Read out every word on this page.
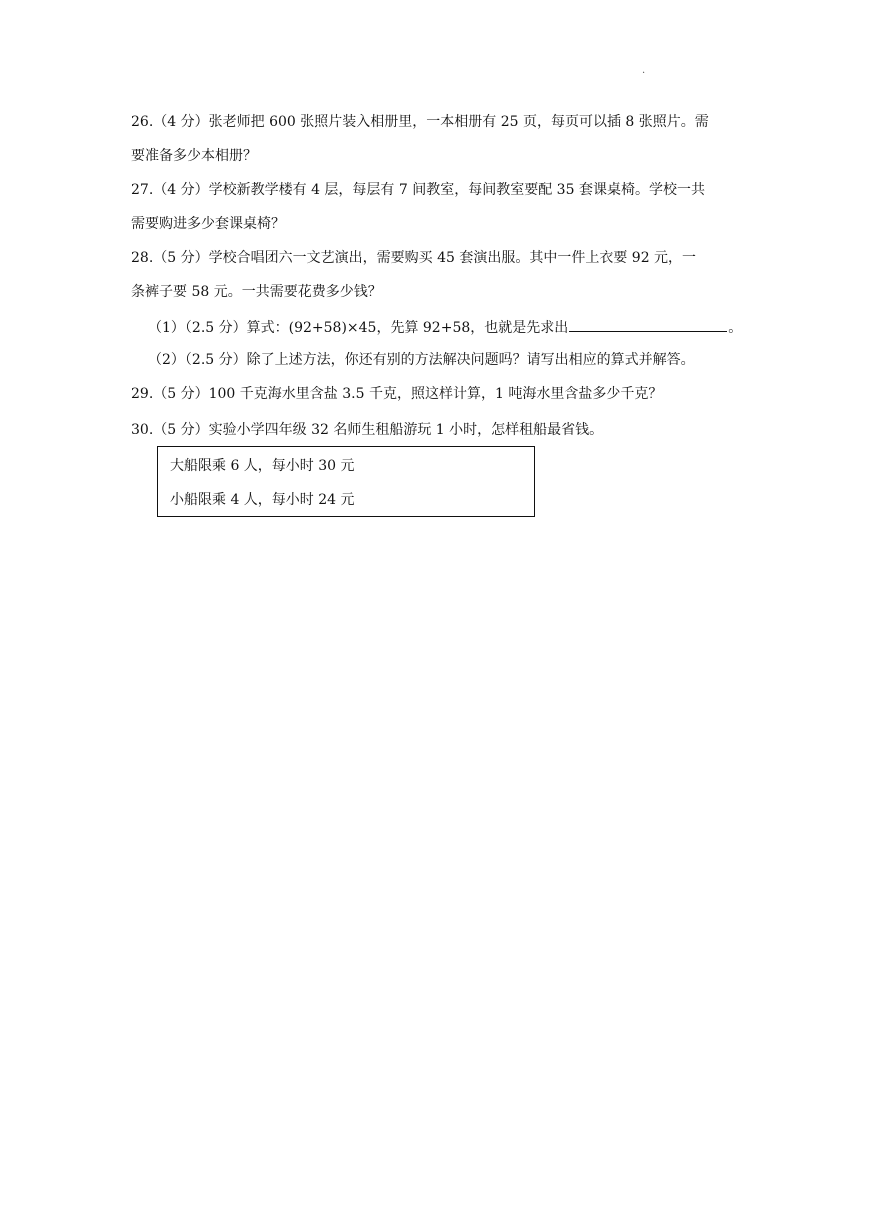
.
26.（4 分）张老师把 600 张照片装入相册里，一本相册有 25 页，每页可以插 8 张照片。需
要准备多少本相册？
27.（4 分）学校新教学楼有 4 层，每层有 7 间教室，每间教室要配 35 套课桌椅。学校一共
需要购进多少套课桌椅？
28.（5 分）学校合唱团六一文艺演出，需要购买 45 套演出服。其中一件上衣要 92 元，一
条裤子要 58 元。一共需要花费多少钱？
（1）（2.5 分）算式：(92+58)×45，先算 92+58，也就是先求出	。
（2）（2.5 分）除了上述方法，你还有别的方法解决问题吗？请写出相应的算式并解答。
29.（5 分）100 千克海水里含盐 3.5 千克，照这样计算，1 吨海水里含盐多少千克？
30.（5 分）实验小学四年级 32 名师生租船游玩 1 小时，怎样租船最省钱。
大船限乘 6 人，每小时 30 元
小船限乘 4 人，每小时 24 元
